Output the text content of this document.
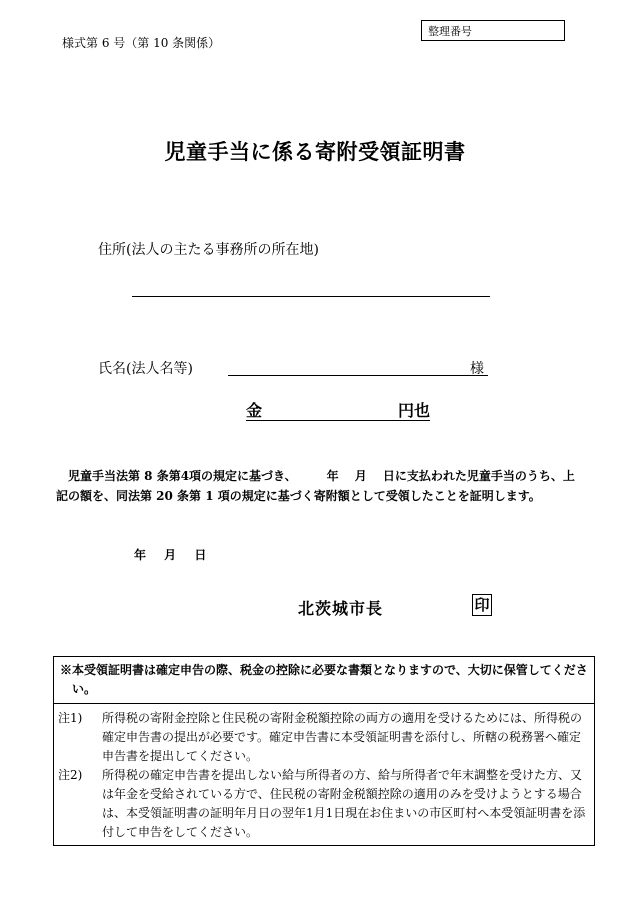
様式第 6 号（第 10 条関係）
整理番号
児童手当に係る寄附受領証明書
住所(法人の主たる事務所の所在地)
氏名(法人名等)	様
金	円也
児童手当法第 8 条第4項の規定に基づき、　　　年　 月　 日に支払われた児童手当のうち、上記の額を、同法第 20 条第 1 項の規定に基づく寄附額として受領したことを証明します。
年 月 日
北茨城市長	印
※本受領証明書は確定申告の際、税金の控除に必要な書類となりますので、大切に保管してください。
注1) 所得税の寄附金控除と住民税の寄附金税額控除の両方の適用を受けるためには、所得税の確定申告書の提出が必要です。確定申告書に本受領証明書を添付し、所轄の税務署へ確定申告書を提出してください。
注2) 所得税の確定申告書を提出しない給与所得者の方、給与所得者で年末調整を受けた方、又は年金を受給されている方で、住民税の寄附金税額控除の適用のみを受けようとする場合は、本受領証明書の証明年月日の翌年1月1日現在お住まいの市区町村へ本受領証明書を添付して申告をしてください。
